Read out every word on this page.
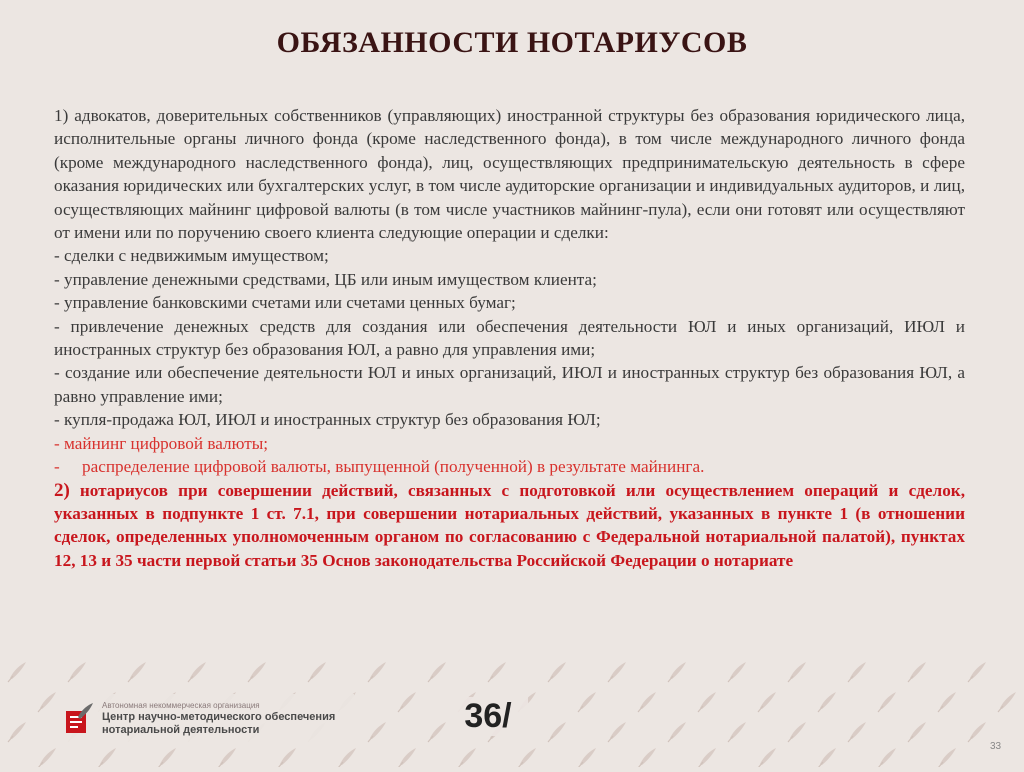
ОБЯЗАННОСТИ НОТАРИУСОВ

1) адвокатов, доверительных собственников (управляющих) иностранной структуры без образования юридического лица, исполнительные органы личного фонда (кроме наследственного фонда), в том числе международного личного фонда (кроме международного наследственного фонда), лиц, осуществляющих предпринимательскую деятельность в сфере оказания юридических или бухгалтерских услуг, в том числе аудиторские организации и индивидуальных аудиторов, и лиц, осуществляющих майнинг цифровой валюты (в том числе участников майнинг-пула), если они готовят или осуществляют от имени или по поручению своего клиента следующие операции и сделки:

- сделки с недвижимым имуществом;

- управление денежными средствами, ЦБ или иным имуществом клиента;

- управление банковскими счетами или счетами ценных бумаг;

- привлечение денежных средств для создания или обеспечения деятельности ЮЛ и иных организаций, ИЮЛ и иностранных структур без образования ЮЛ, а равно для управления ими;

- создание или обеспечение деятельности ЮЛ и иных организаций, ИЮЛ и иностранных структур без образования ЮЛ, а равно управление ими;

- купля-продажа ЮЛ, ИЮЛ и иностранных структур без образования ЮЛ;

- майнинг цифровой валюты;

-	распределение цифровой валюты, выпущенной (полученной) в результате майнинга.

2) нотариусов при совершении действий, связанных с подготовкой или осуществлением операций и сделок, указанных в подпункте 1 ст. 7.1, при совершении нотариальных действий, указанных в пункте 1 (в отношении сделок, определенных уполномоченным органом по согласованию с Федеральной нотариальной палатой), пунктах 12, 13 и 35 части первой статьи 35 Основ законодательства Российской Федерации о нотариате

Автономная некоммерческая организация
Центр научно-методического обеспечения
нотариальной деятельности	36/
33
